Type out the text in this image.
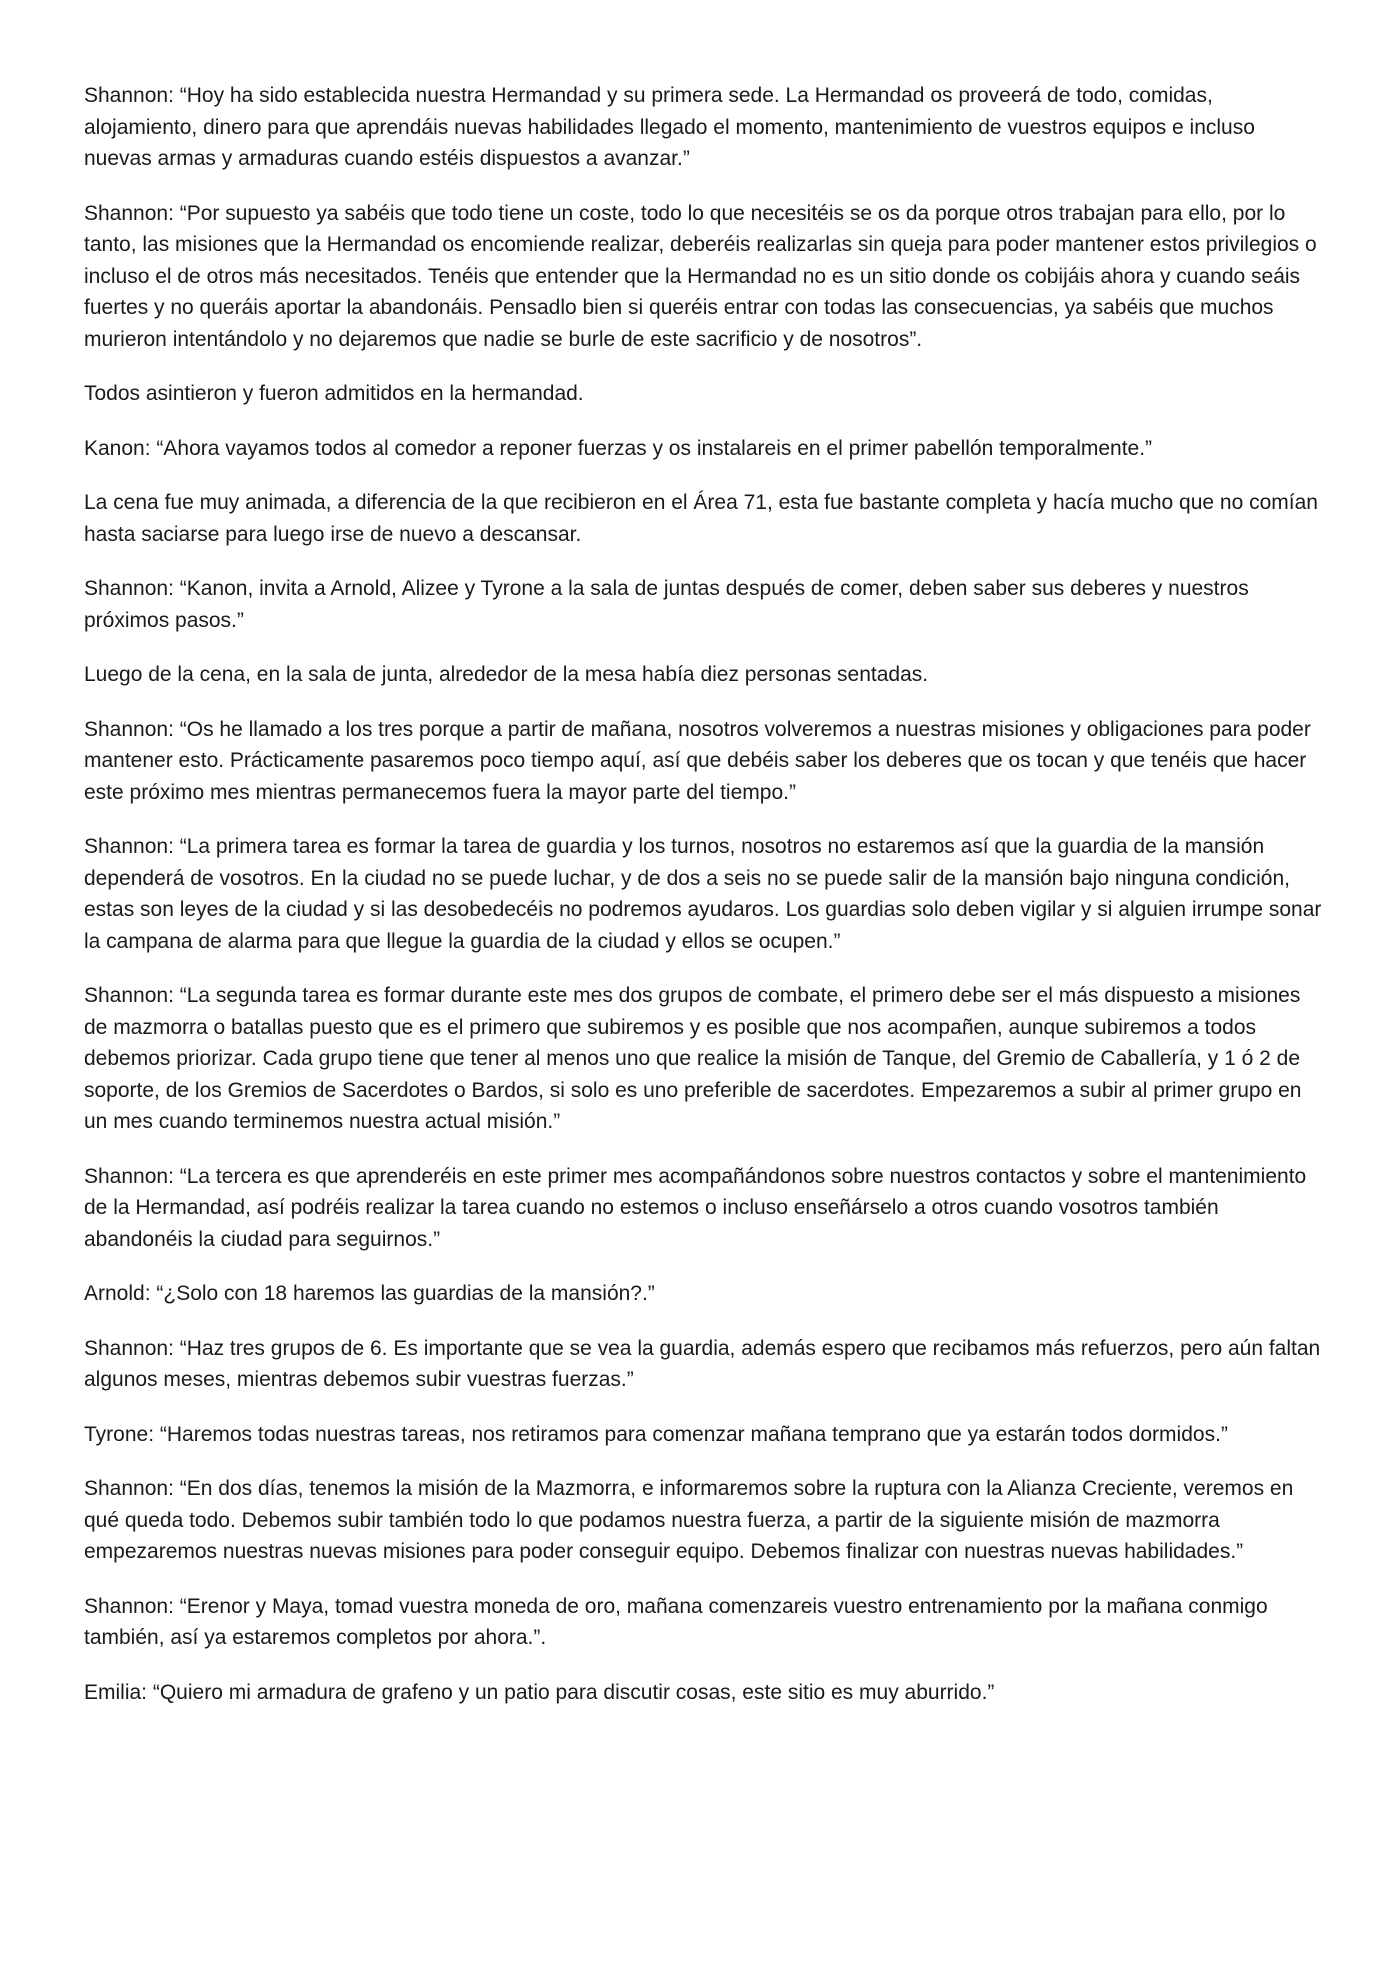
Shannon: “Hoy ha sido establecida nuestra Hermandad y su primera sede. La Hermandad os proveerá de todo, comidas, alojamiento, dinero para que aprendáis nuevas habilidades llegado el momento, mantenimiento de vuestros equipos e incluso nuevas armas y armaduras cuando estéis dispuestos a avanzar.”

Shannon: “Por supuesto ya sabéis que todo tiene un coste, todo lo que necesitéis se os da porque otros trabajan para ello, por lo tanto, las misiones que la Hermandad os encomiende realizar, deberéis realizarlas sin queja para poder mantener estos privilegios o incluso el de otros más necesitados. Tenéis que entender que la Hermandad no es un sitio donde os cobijáis ahora y cuando seáis fuertes y no queráis aportar la abandonáis. Pensadlo bien si queréis entrar con todas las consecuencias, ya sabéis que muchos murieron intentándolo y no dejaremos que nadie se burle de este sacrificio y de nosotros”.

Todos asintieron y fueron admitidos en la hermandad.

Kanon: “Ahora vayamos todos al comedor a reponer fuerzas y os instalareis en el primer pabellón temporalmente.”

La cena fue muy animada, a diferencia de la que recibieron en el Área 71, esta fue bastante completa y hacía mucho que no comían hasta saciarse para luego irse de nuevo a descansar.

Shannon: “Kanon, invita a Arnold, Alizee y Tyrone a la sala de juntas después de comer, deben saber sus deberes y nuestros próximos pasos.”

Luego de la cena, en la sala de junta, alrededor de la mesa había diez personas sentadas.

Shannon: “Os he llamado a los tres porque a partir de mañana, nosotros volveremos a nuestras misiones y obligaciones para poder mantener esto. Prácticamente pasaremos poco tiempo aquí, así que debéis saber los deberes que os tocan y que tenéis que hacer este próximo mes mientras permanecemos fuera la mayor parte del tiempo.”

Shannon: “La primera tarea es formar la tarea de guardia y los turnos, nosotros no estaremos así que la guardia de la mansión dependerá de vosotros. En la ciudad no se puede luchar, y de dos a seis no se puede salir de la mansión bajo ninguna condición, estas son leyes de la ciudad y si las desobedecéis no podremos ayudaros. Los guardias solo deben vigilar y si alguien irrumpe sonar la campana de alarma para que llegue la guardia de la ciudad y ellos se ocupen.”

Shannon: “La segunda tarea es formar durante este mes dos grupos de combate, el primero debe ser el más dispuesto a misiones de mazmorra o batallas puesto que es el primero que subiremos y es posible que nos acompañen, aunque subiremos a todos debemos priorizar. Cada grupo tiene que tener al menos uno que realice la misión de Tanque, del Gremio de Caballería, y 1 ó 2 de soporte, de los Gremios de Sacerdotes o Bardos, si solo es uno preferible de sacerdotes. Empezaremos a subir al primer grupo en un mes cuando terminemos nuestra actual misión.”

Shannon: “La tercera es que aprenderéis en este primer mes acompañándonos sobre nuestros contactos y sobre el mantenimiento de la Hermandad, así podréis realizar la tarea cuando no estemos o incluso enseñárselo a otros cuando vosotros también abandonéis la ciudad para seguirnos.”

Arnold: “¿Solo con 18 haremos las guardias de la mansión?.”

Shannon: “Haz tres grupos de 6. Es importante que se vea la guardia, además espero que recibamos más refuerzos, pero aún faltan algunos meses, mientras debemos subir vuestras fuerzas.”

Tyrone: “Haremos todas nuestras tareas, nos retiramos para comenzar mañana temprano que ya estarán todos dormidos.”

Shannon: “En dos días, tenemos la misión de la Mazmorra, e informaremos sobre la ruptura con la Alianza Creciente, veremos en qué queda todo. Debemos subir también todo lo que podamos nuestra fuerza, a partir de la siguiente misión de mazmorra empezaremos nuestras nuevas misiones para poder conseguir equipo. Debemos finalizar con nuestras nuevas habilidades.”

Shannon: “Erenor y Maya, tomad vuestra moneda de oro, mañana comenzareis vuestro entrenamiento por la mañana conmigo también, así ya estaremos completos por ahora.”.

Emilia: “Quiero mi armadura de grafeno y un patio para discutir cosas, este sitio es muy aburrido.”
